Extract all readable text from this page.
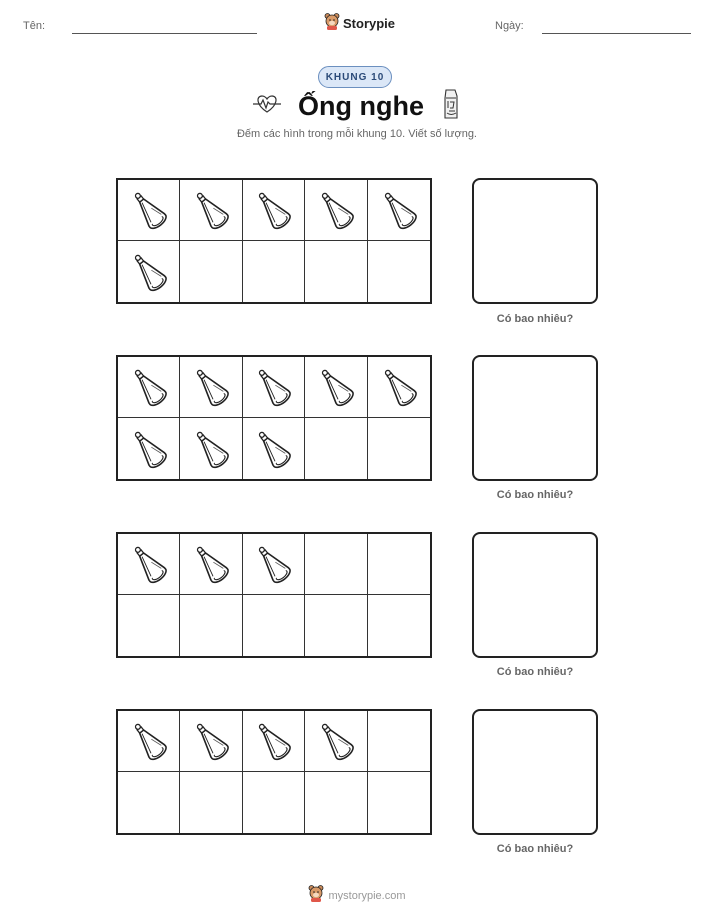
Tên:	Storypie	Ngày:
KHUNG 10
Ống nghe
Đếm các hình trong mỗi khung 10. Viết số lượng.
Có bao nhiêu?
Có bao nhiêu?
Có bao nhiêu?
Có bao nhiêu?
mystorypie.com
